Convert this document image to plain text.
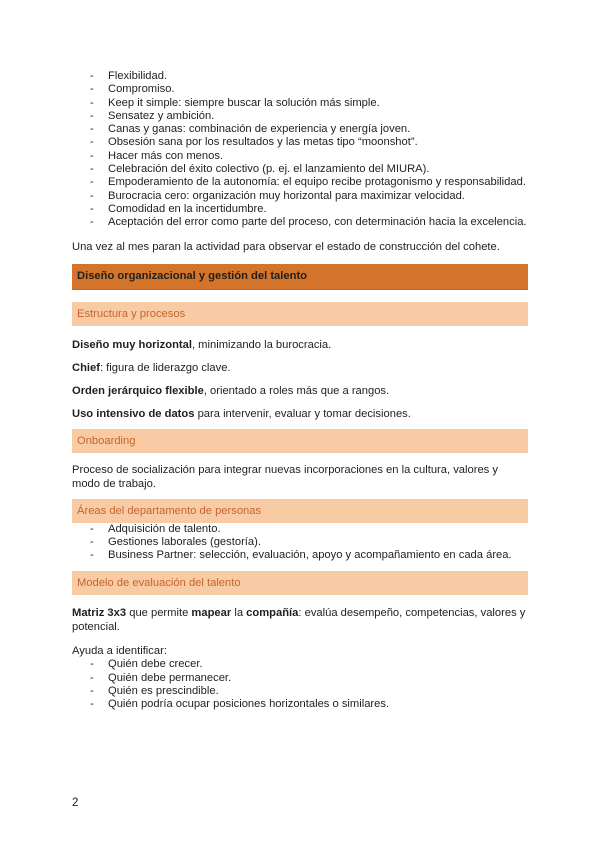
- Flexibilidad.
- Compromiso.
- Keep it simple: siempre buscar la solución más simple.
- Sensatez y ambición.
- Canas y ganas: combinación de experiencia y energía joven.
- Obsesión sana por los resultados y las metas tipo “moonshot”.
- Hacer más con menos.
- Celebración del éxito colectivo (p. ej. el lanzamiento del MIURA).
- Empoderamiento de la autonomía: el equipo recibe protagonismo y responsabilidad.
- Burocracia cero: organización muy horizontal para maximizar velocidad.
- Comodidad en la incertidumbre.
- Aceptación del error como parte del proceso, con determinación hacia la excelencia.

Una vez al mes paran la actividad para observar el estado de construcción del cohete.

Diseño organizacional y gestión del talento
Estructura y procesos

Diseño muy horizontal, minimizando la burocracia.

Chief: figura de liderazgo clave.

Orden jerárquico flexible, orientado a roles más que a rangos.

Uso intensivo de datos para intervenir, evaluar y tomar decisiones.

Onboarding

Proceso de socialización para integrar nuevas incorporaciones en la cultura, valores y modo de trabajo.

Áreas del departamento de personas
- Adquisición de talento.
- Gestiones laborales (gestoría).
- Business Partner: selección, evaluación, apoyo y acompañamiento en cada área.
Modelo de evaluación del talento

Matriz 3x3 que permite mapear la compañía: evalúa desempeño, competencias, valores y potencial.

Ayuda a identificar:

- Quién debe crecer.
- Quién debe permanecer.
- Quién es prescindible.
- Quién podría ocupar posiciones horizontales o similares.
2
